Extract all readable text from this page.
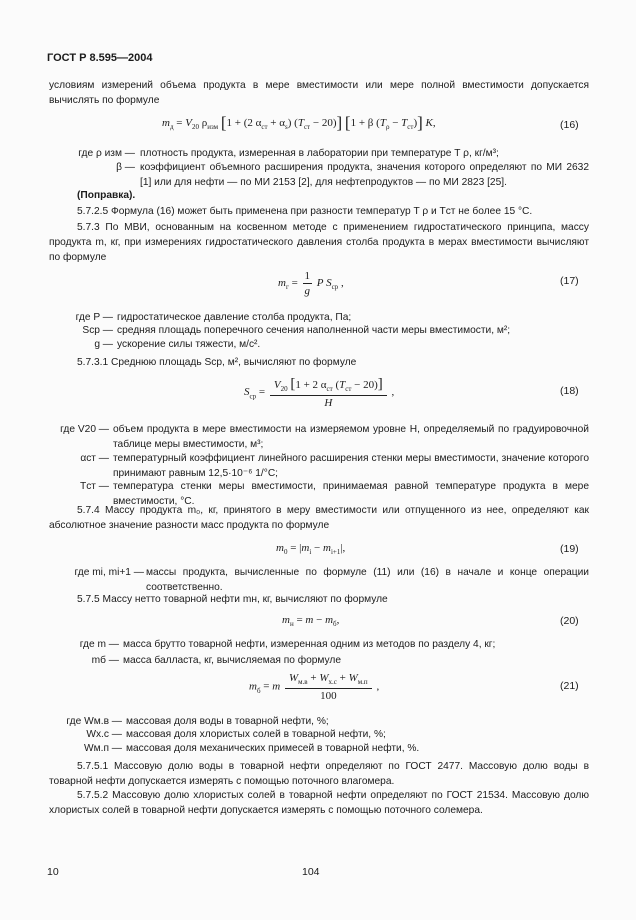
ГОСТ Р 8.595—2004
условиям измерений объема продукта в мере вместимости или мере полной вместимости допускается вычислять по формуле
$m_д = V_{20}$ $\rho_{изм}$ [1 + (2 $\alpha_{ст} + \alpha_s$) $(T_{ст} - 20)$] [1 + β $(T_\rho - T_{ст})$] K,	(16)
где ρ изм — плотность продукта, измеренная в лаборатории при температуре T ρ, кг/м³;
β — коэффициент объемного расширения продукта, значения которого определяют по МИ 2632 [1] или для нефти — по МИ 2153 [2], для нефтепродуктов — по МИ 2823 [25].
(Поправка).
5.7.2.5 Формула (16) может быть применена при разности температур T ρ и Tст не более 15 °С.
5.7.3 По МВИ, основанным на косвенном методе с применением гидростатического принципа, массу продукта m, кг, при измерениях гидростатического давления столба продукта в мерах вместимости вычисляют по формуле
$m_г = \frac{1}{g}$ P $S_{ср}$ ,	(17)
где P — гидростатическое давление столба продукта, Па;
Sср — средняя площадь поперечного сечения наполненной части меры вместимости, м²;
g — ускорение силы тяжести, м/с².
5.7.3.1 Среднюю площадь Sср, м², вычисляют по формуле
$S_{ср} = \frac{V_{20} [1 + 2 \alpha_{ст} (T_{ст} - 20)]}{H}$ ,	(18)
где V20 — объем продукта в мере вместимости на измеряемом уровне H, определяемый по градуировочной таблице меры вместимости, м³;
αст — температурный коэффициент линейного расширения стенки меры вместимости, значение которого принимают равным 12,5·10⁻⁶ 1/°С;
Tст — температура стенки меры вместимости, принимаемая равной температуре продукта в мере вместимости, °С.
5.7.4 Массу продукта m₀, кг, принятого в меру вместимости или отпущенного из нее, определяют как абсолютное значение разности масс продукта по формуле
$m_0 = |m_i - m_{i+1}|$,	(19)
где mi, mi+1 — массы продукта, вычисленные по формуле (11) или (16) в начале и конце операции соответственно.
5.7.5 Массу нетто товарной нефти mн, кг, вычисляют по формуле
$m_н = m - m_б$,	(20)
где m — масса брутто товарной нефти, измеренная одним из методов по разделу 4, кг;
mб — масса балласта, кг, вычисляемая по формуле
$m_б = m \frac{W_{м.в} + W_{х.с} + W_{м.п}}{100}$ ,	(21)
где Wм.в — массовая доля воды в товарной нефти, %;
Wх.с — массовая доля хлористых солей в товарной нефти, %;
Wм.п — массовая доля механических примесей в товарной нефти, %.
5.7.5.1 Массовую долю воды в товарной нефти определяют по ГОСТ 2477. Массовую долю воды в товарной нефти допускается измерять с помощью поточного влагомера.
5.7.5.2 Массовую долю хлористых солей в товарной нефти определяют по ГОСТ 21534. Массовую долю хлористых солей в товарной нефти допускается измерять с помощью поточного солемера.
10	104
